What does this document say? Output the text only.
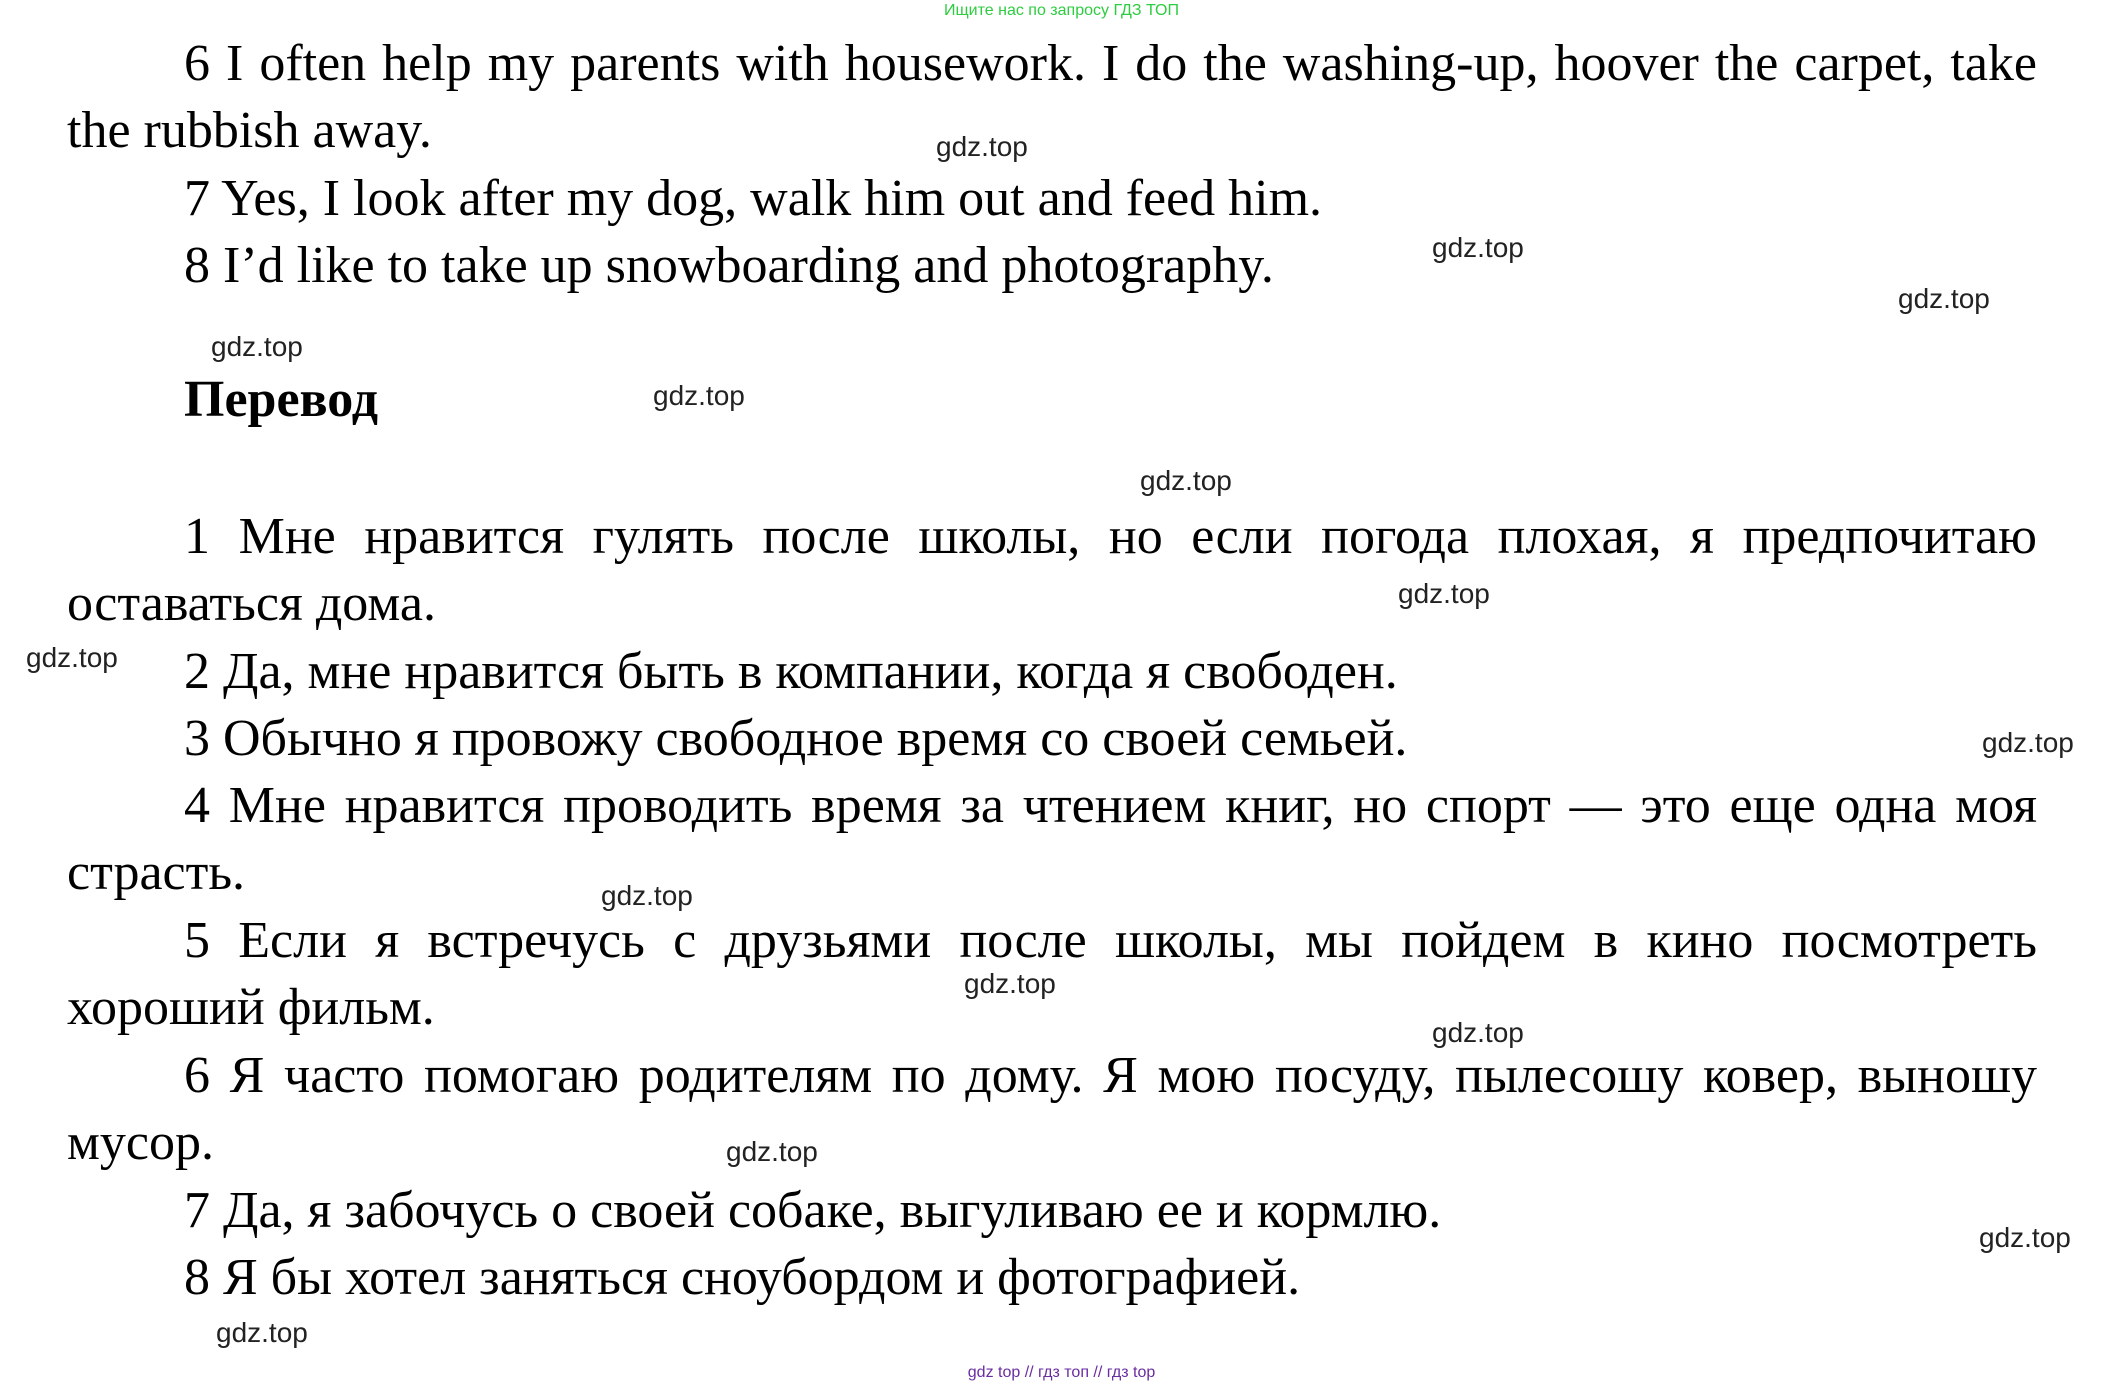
Ищите нас по запросу ГДЗ ТОП

6 I often help my parents with housework. I do the washing-up, hoover the carpet, take the rubbish away.

7 Yes, I look after my dog, walk him out and feed him.

8 I’d like to take up snowboarding and photography.

Перевод

1 Мне нравится гулять после школы, но если погода плохая, я предпочитаю оставаться дома.

2 Да, мне нравится быть в компании, когда я свободен.

3 Обычно я провожу свободное время со своей семьей.

4 Мне нравится проводить время за чтением книг, но спорт — это еще одна моя страсть.

5 Если я встречусь с друзьями после школы, мы пойдем в кино посмотреть хороший фильм.

6 Я часто помогаю родителям по дому. Я мою посуду, пылесошу ковер, выношу мусор.

7 Да, я забочусь о своей собаке, выгуливаю ее и кормлю.

8 Я бы хотел заняться сноубордом и фотографией.

gdz.top
gdz.top
gdz.top
gdz.top
gdz.top
gdz.top
gdz.top
gdz.top
gdz.top
gdz.top
gdz.top
gdz.top
gdz.top
gdz.top
gdz.top
gdz top // гдз топ // гдз top
